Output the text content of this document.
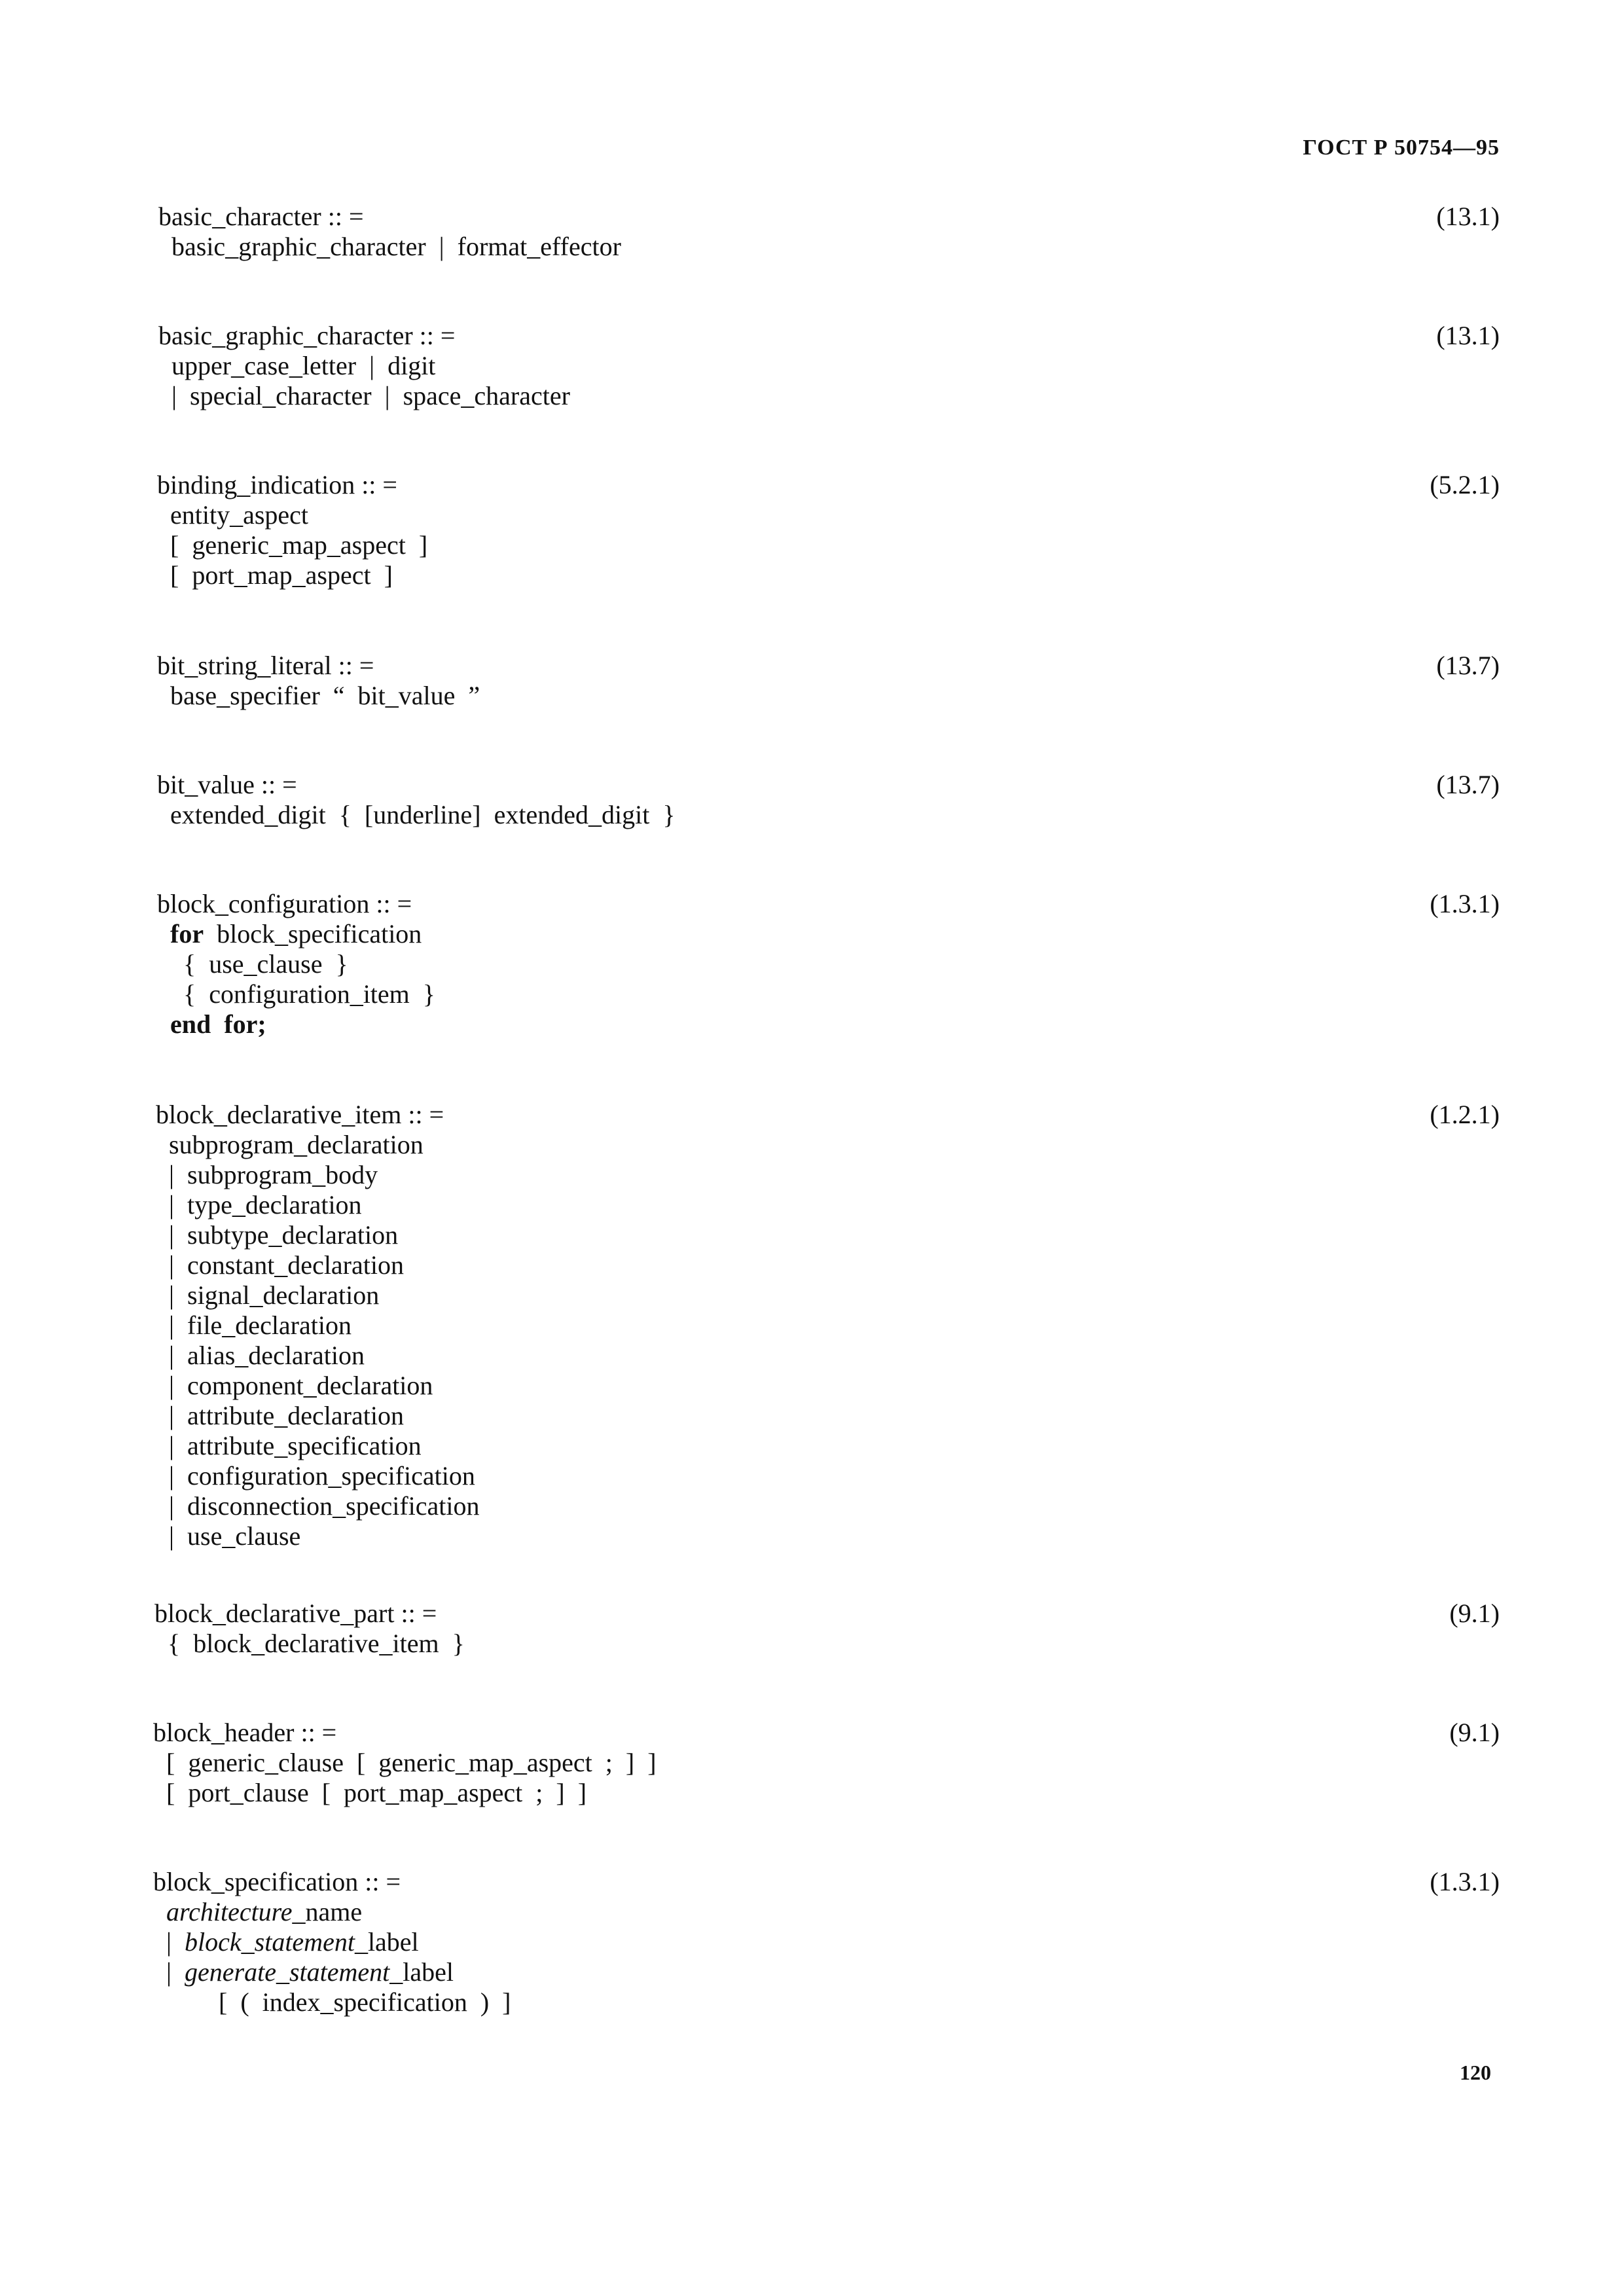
ГОСТ Р 50754—95
basic_character :: =	(13.1)
basic_graphic_character  |  format_effector
basic_graphic_character :: =	(13.1)
upper_case_letter  |  digit
|  special_character  |  space_character
binding_indication :: =	(5.2.1)
entity_aspect
[  generic_map_aspect  ]
[  port_map_aspect  ]
bit_string_literal :: =	(13.7)
base_specifier  “  bit_value  ”
bit_value :: =	(13.7)
extended_digit  {  [underline]  extended_digit  }
block_configuration :: =	(1.3.1)
for  block_specification
{  use_clause  }
{  configuration_item  }
end  for;
block_declarative_item :: =	(1.2.1)
subprogram_declaration
|  subprogram_body
|  type_declaration
|  subtype_declaration
|  constant_declaration
|  signal_declaration
|  file_declaration
|  alias_declaration
|  component_declaration
|  attribute_declaration
|  attribute_specification
|  configuration_specification
|  disconnection_specification
|  use_clause
block_declarative_part :: =	(9.1)
{  block_declarative_item  }
block_header :: =	(9.1)
[  generic_clause  [  generic_map_aspect  ;  ]  ]
[  port_clause  [  port_map_aspect  ;  ]  ]
block_specification :: =	(1.3.1)
architecture_name
|  block_statement_label
|  generate_statement_label
[  (  index_specification  )  ]
120
